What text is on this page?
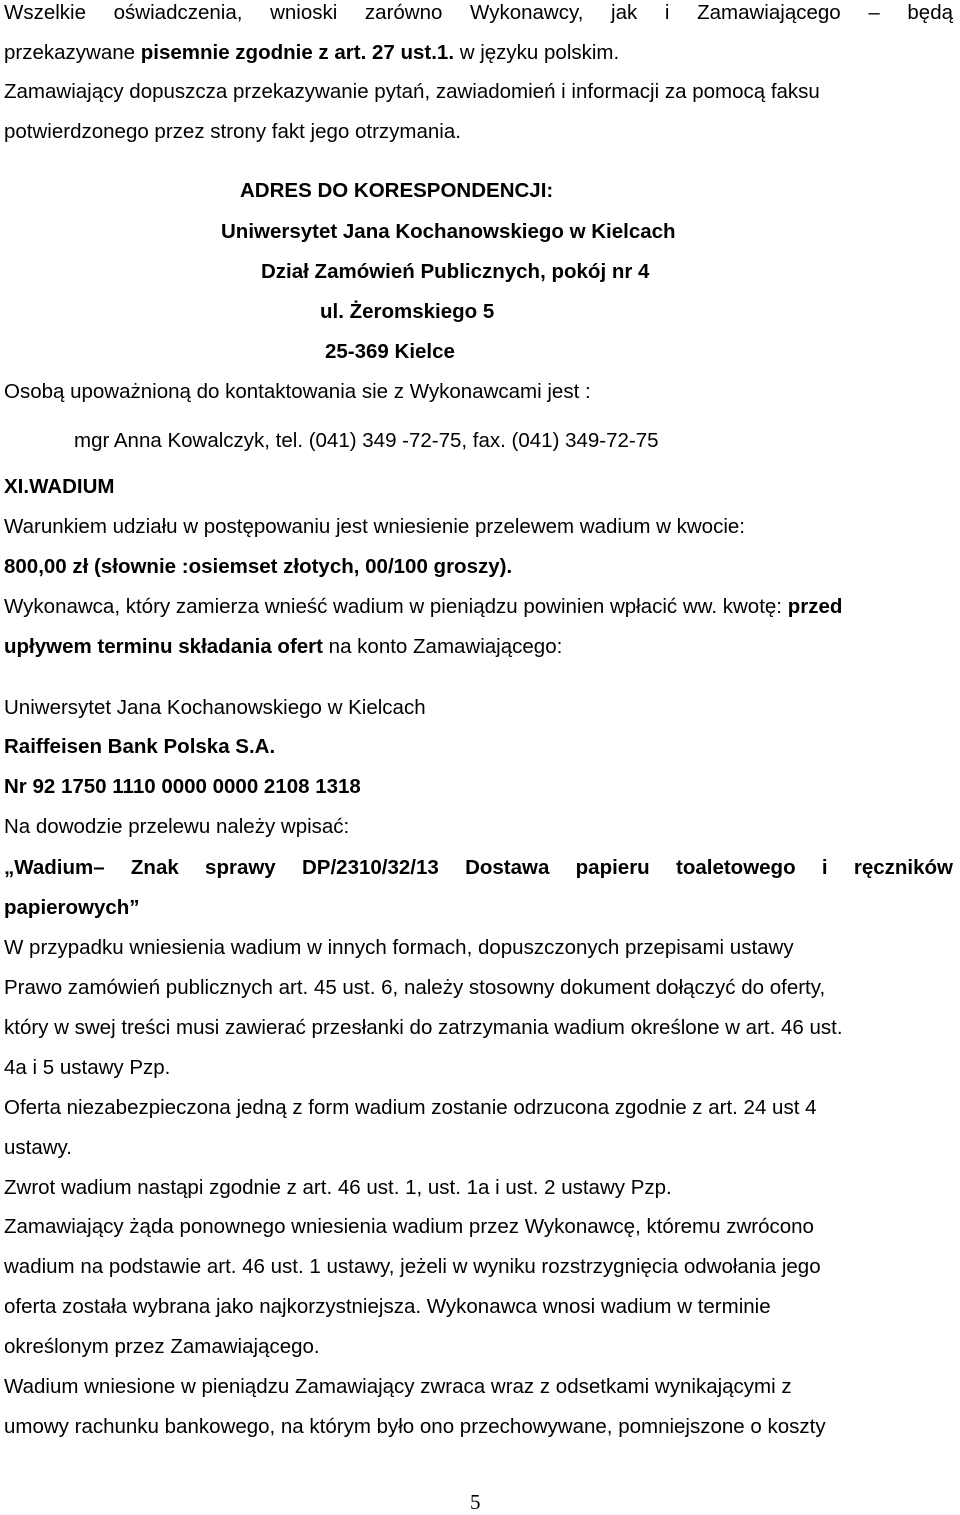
Wszelkie oświadczenia, wnioski zarówno Wykonawcy, jak i Zamawiającego – będą
przekazywane pisemnie zgodnie z art. 27 ust.1. w języku polskim.
Zamawiający dopuszcza przekazywanie pytań, zawiadomień i informacji za pomocą faksu
potwierdzonego przez strony fakt jego otrzymania.
ADRES DO KORESPONDENCJI:
Uniwersytet Jana Kochanowskiego w Kielcach
Dział Zamówień Publicznych, pokój nr 4
ul. Żeromskiego 5
25-369 Kielce
Osobą upoważnioną do kontaktowania sie z Wykonawcami jest :
mgr Anna Kowalczyk, tel. (041) 349 -72-75, fax. (041) 349-72-75
XI.WADIUM
Warunkiem udziału w postępowaniu jest wniesienie przelewem wadium w kwocie:
800,00 zł (słownie :osiemset złotych, 00/100 groszy).
Wykonawca, który zamierza wnieść wadium w pieniądzu powinien wpłacić ww. kwotę: przed
upływem terminu składania ofert na konto Zamawiającego:
Uniwersytet Jana Kochanowskiego w Kielcach
Raiffeisen Bank Polska S.A.
Nr 92 1750 1110 0000 0000 2108 1318
Na dowodzie przelewu należy wpisać:
„Wadium– Znak sprawy DP/2310/32/13 Dostawa papieru toaletowego i ręczników
papierowych”
W przypadku wniesienia wadium w innych formach, dopuszczonych przepisami ustawy
Prawo zamówień publicznych art. 45 ust. 6, należy stosowny dokument dołączyć do oferty,
który w swej treści musi zawierać przesłanki do zatrzymania wadium określone w art. 46 ust.
4a i 5 ustawy Pzp.
Oferta niezabezpieczona jedną z form wadium zostanie odrzucona zgodnie z art. 24 ust 4
ustawy.
Zwrot wadium nastąpi zgodnie z art. 46 ust. 1, ust. 1a i ust. 2 ustawy Pzp.
Zamawiający żąda ponownego wniesienia wadium przez Wykonawcę, któremu zwrócono
wadium na podstawie art. 46 ust. 1 ustawy, jeżeli w wyniku rozstrzygnięcia odwołania jego
oferta została wybrana jako najkorzystniejsza. Wykonawca wnosi wadium w terminie
określonym przez Zamawiającego.
Wadium wniesione w pieniądzu Zamawiający zwraca wraz z odsetkami wynikającymi z
umowy rachunku bankowego, na którym było ono przechowywane, pomniejszone o koszty
5
